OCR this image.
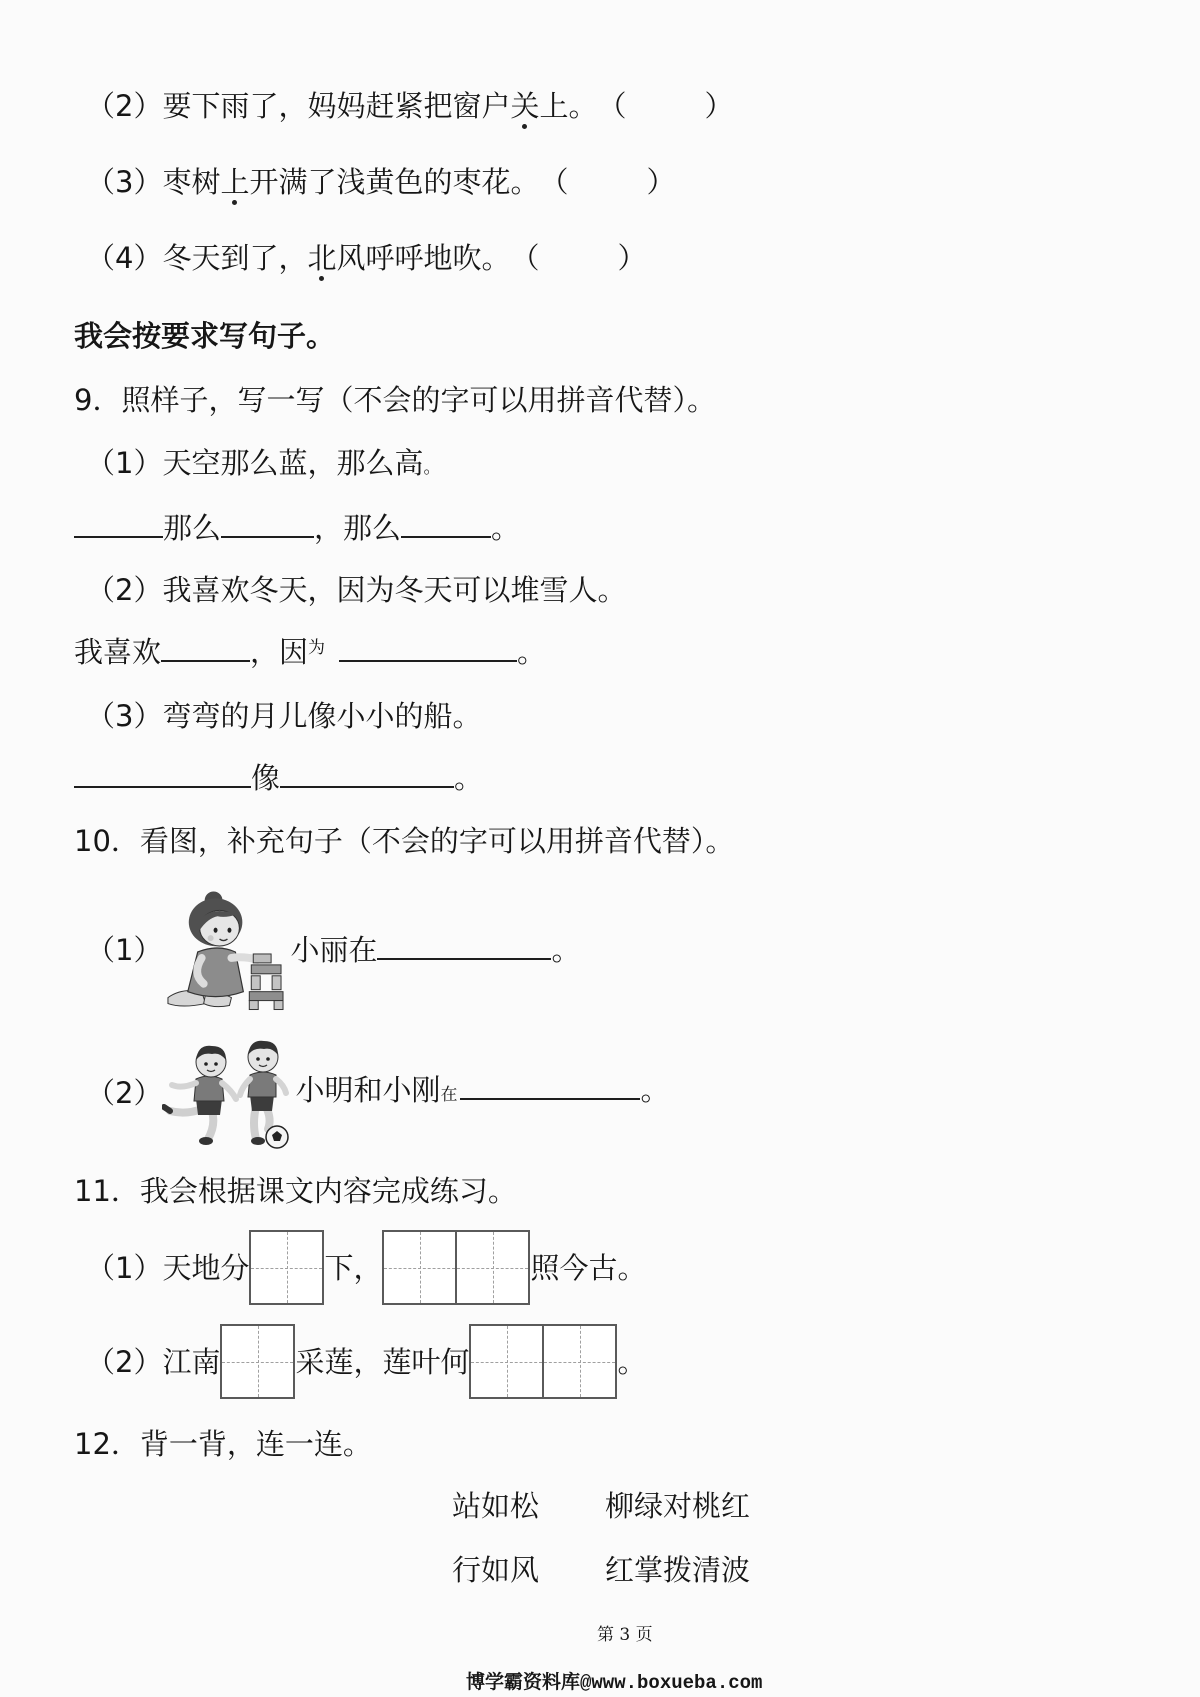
（2） 要下雨了，妈妈赶紧把窗户 关 上。 （	）
（3） 枣树 上 开满了浅黄色的枣花。 （	）
（4） 冬天到了， 北 风呼呼地吹。 （	）
我会按要求写句子。
9．照样子，写一写（不会的字可以用拼音代替）。
（1） 天空那么蓝，那么高 。
那么	， 那么	。
（2） 我喜欢冬天，因为冬天可以堆雪人。
我喜欢	， 因 为	。
（3） 弯弯的月儿像小小的船。
像	。
10．看图，补充句子（不会的字可以用拼音代替）。
（1）	小丽在	。
（2）	小明和小刚 在	。
11．我会根据课文内容完成练习。
（1） 天地分	下，	照今古。
（2） 江南	采莲，莲叶何	。
12．背一背，连一连。
站如松 柳绿对桃红
行如风 红掌拨清波
第 3 页
博学霸资料库@www.boxueba.com
